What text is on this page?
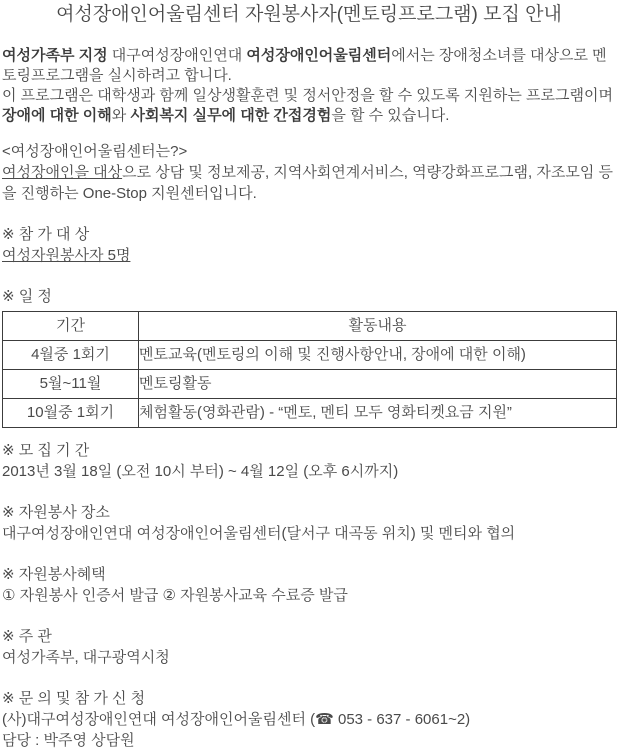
여성장애인어울림센터 자원봉사자(멘토링프로그램) 모집 안내

여성가족부 지정 대구여성장애인연대 여성장애인어울림센터에서는 장애청소녀를 대상으로 멘토링프로그램을 실시하려고 합니다.
이 프로그램은 대학생과 함께 일상생활훈련 및 정서안정을 할 수 있도록 지원하는 프로그램이며 장애에 대한 이해와 사회복지 실무에 대한 간접경험을 할 수 있습니다.

<여성장애인어울림센터는?>
여성장애인을 대상으로 상담 및 정보제공, 지역사회연계서비스, 역량강화프로그램, 자조모임 등을 진행하는 One-Stop 지원센터입니다.

※ 참 가 대 상
여성자원봉사자 5명

※ 일 정

기간	활동내용
4월중 1회기	멘토교육(멘토링의 이해 및 진행사항안내, 장애에 대한 이해)
5월~11월	멘토링활동
10월중 1회기	체험활동(영화관람) - “멘토, 멘티 모두 영화티켓요금 지원”

※ 모 집 기 간
2013년 3월 18일 (오전 10시 부터) ~ 4월 12일 (오후 6시까지)

※ 자원봉사 장소
대구여성장애인연대 여성장애인어울림센터(달서구 대곡동 위치) 및 멘티와 협의

※ 자원봉사혜택
① 자원봉사 인증서 발급 ② 자원봉사교육 수료증 발급

※ 주 관
여성가족부, 대구광역시청

※ 문 의 및 참 가 신 청
(사)대구여성장애인연대 여성장애인어울림센터 (☎ 053 - 637 - 6061~2)
담당 : 박주영 상담원
